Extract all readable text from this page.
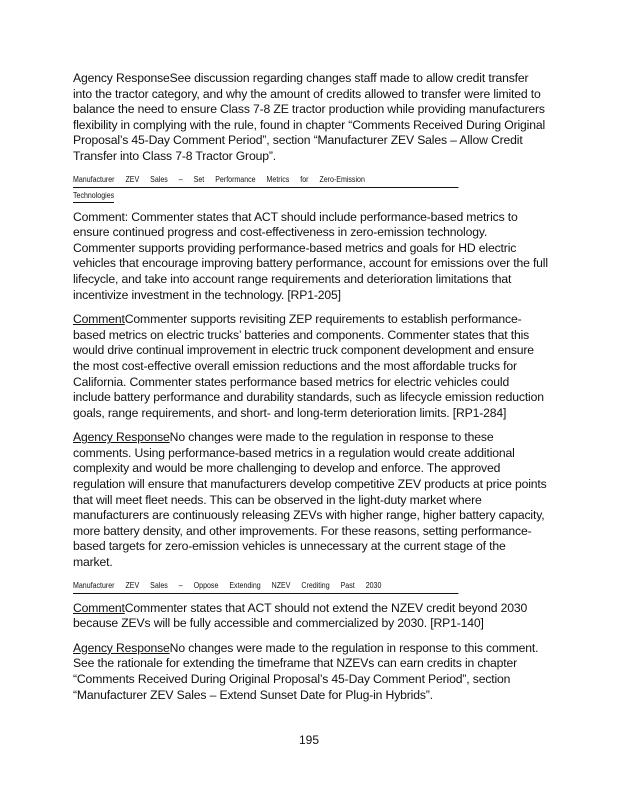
Agency ResponseSee discussion regarding changes staff made to allow credit transfer into the tractor category, and why the amount of credits allowed to transfer were limited to balance the need to ensure Class 7-8 ZE tractor production while providing manufacturers flexibility in complying with the rule, found in chapter “Comments Received During Original Proposal’s 45-Day Comment Period”, section “Manufacturer ZEV Sales – Allow Credit Transfer into Class 7-8 Tractor Group”.

Manufacturer ZEV Sales – Set Performance Metrics for Zero-Emission
Technologies

Comment: Commenter states that ACT should include performance-based metrics to ensure continued progress and cost-effectiveness in zero-emission technology. Commenter supports providing performance-based metrics and goals for HD electric vehicles that encourage improving battery performance, account for emissions over the full lifecycle, and take into account range requirements and deterioration limitations that incentivize investment in the technology. [RP1-205]

CommentCommenter supports revisiting ZEP requirements to establish performance-based metrics on electric trucks’ batteries and components. Commenter states that this would drive continual improvement in electric truck component development and ensure the most cost-effective overall emission reductions and the most affordable trucks for California. Commenter states performance based metrics for electric vehicles could include battery performance and durability standards, such as lifecycle emission reduction goals, range requirements, and short- and long-term deterioration limits. [RP1-284]

Agency ResponseNo changes were made to the regulation in response to these comments. Using performance-based metrics in a regulation would create additional complexity and would be more challenging to develop and enforce. The approved regulation will ensure that manufacturers develop competitive ZEV products at price points that will meet fleet needs. This can be observed in the light-duty market where manufacturers are continuously releasing ZEVs with higher range, higher battery capacity, more battery density, and other improvements. For these reasons, setting performance-based targets for zero-emission vehicles is unnecessary at the current stage of the market.

Manufacturer ZEV Sales – Oppose Extending NZEV Crediting Past 2030

CommentCommenter states that ACT should not extend the NZEV credit beyond 2030 because ZEVs will be fully accessible and commercialized by 2030. [RP1-140]

Agency ResponseNo changes were made to the regulation in response to this comment. See the rationale for extending the timeframe that NZEVs can earn credits in chapter “Comments Received During Original Proposal’s 45-Day Comment Period”, section “Manufacturer ZEV Sales – Extend Sunset Date for Plug-in Hybrids”.

195
